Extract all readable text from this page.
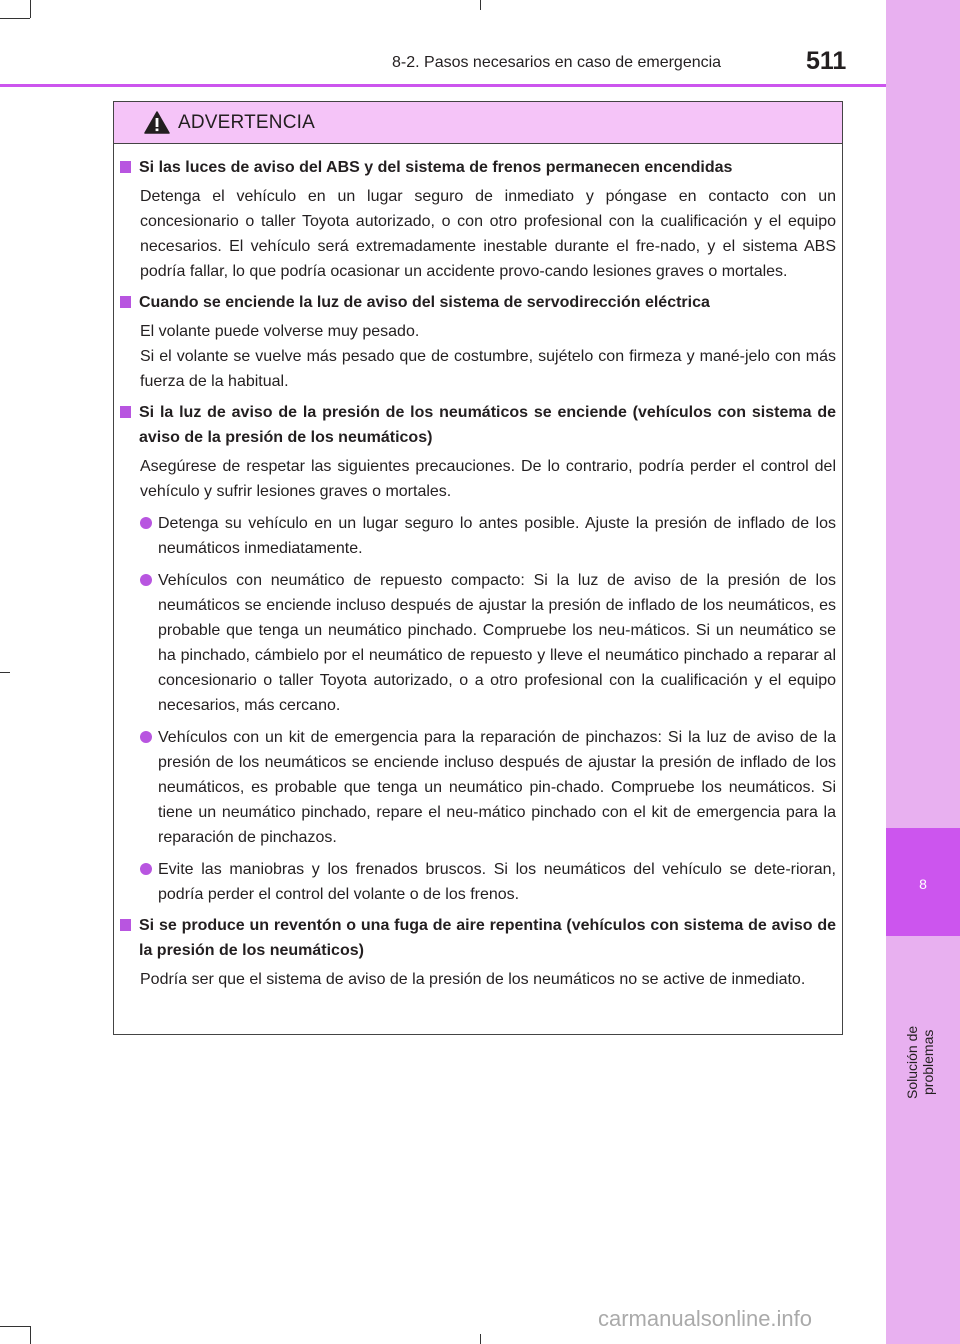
8
Solución de problemas
8-2. Pasos necesarios en caso de emergencia	511
ADVERTENCIA
Si las luces de aviso del ABS y del sistema de frenos permanecen encendidas
Detenga el vehículo en un lugar seguro de inmediato y póngase en contacto con un concesionario o taller Toyota autorizado, o con otro profesional con la cualificación y el equipo necesarios. El vehículo será extremadamente inestable durante el fre-nado, y el sistema ABS podría fallar, lo que podría ocasionar un accidente provo-cando lesiones graves o mortales.
Cuando se enciende la luz de aviso del sistema de servodirección eléctrica
El volante puede volverse muy pesado.
Si el volante se vuelve más pesado que de costumbre, sujételo con firmeza y mané-jelo con más fuerza de la habitual.
Si la luz de aviso de la presión de los neumáticos se enciende (vehículos con sistema de aviso de la presión de los neumáticos)
Asegúrese de respetar las siguientes precauciones. De lo contrario, podría perder el control del vehículo y sufrir lesiones graves o mortales.
Detenga su vehículo en un lugar seguro lo antes posible. Ajuste la presión de inflado de los neumáticos inmediatamente.
Vehículos con neumático de repuesto compacto: Si la luz de aviso de la presión de los neumáticos se enciende incluso después de ajustar la presión de inflado de los neumáticos, es probable que tenga un neumático pinchado. Compruebe los neu-máticos. Si un neumático se ha pinchado, cámbielo por el neumático de repuesto y lleve el neumático pinchado a reparar al concesionario o taller Toyota autorizado, o a otro profesional con la cualificación y el equipo necesarios, más cercano.
Vehículos con un kit de emergencia para la reparación de pinchazos: Si la luz de aviso de la presión de los neumáticos se enciende incluso después de ajustar la presión de inflado de los neumáticos, es probable que tenga un neumático pin-chado. Compruebe los neumáticos. Si tiene un neumático pinchado, repare el neu-mático pinchado con el kit de emergencia para la reparación de pinchazos.
Evite las maniobras y los frenados bruscos. Si los neumáticos del vehículo se dete-rioran, podría perder el control del volante o de los frenos.
Si se produce un reventón o una fuga de aire repentina (vehículos con sistema de aviso de la presión de los neumáticos)
Podría ser que el sistema de aviso de la presión de los neumáticos no se active de inmediato.
carmanualsonline.info
